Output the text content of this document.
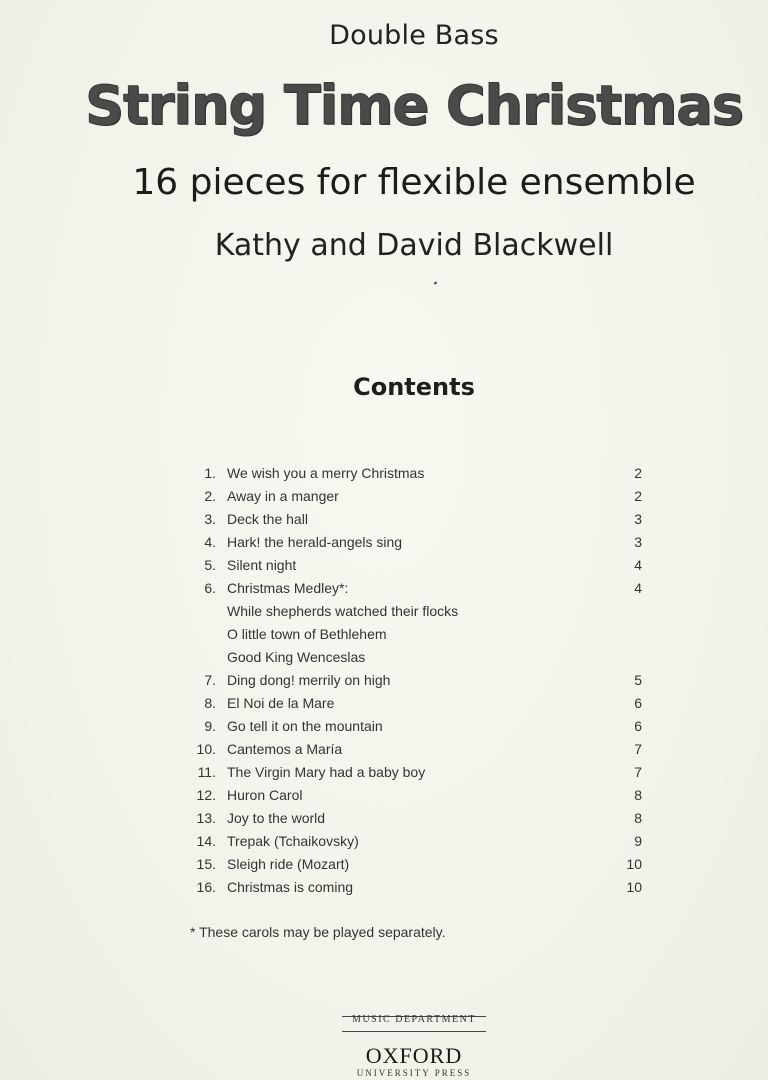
Double Bass
String Time Christmas
16 pieces for flexible ensemble
Kathy and David Blackwell
Contents
1. We wish you a merry Christmas	2
2. Away in a manger	2
3. Deck the hall	3
4. Hark! the herald-angels sing	3
5. Silent night	4
6. Christmas Medley*:	4
While shepherds watched their flocks
O little town of Bethlehem
Good King Wenceslas
7. Ding dong! merrily on high	5
8. El Noi de la Mare	6
9. Go tell it on the mountain	6
10. Cantemos a María	7
11. The Virgin Mary had a baby boy	7
12. Huron Carol	8
13. Joy to the world	8
14. Trepak (Tchaikovsky)	9
15. Sleigh ride (Mozart)	10
16. Christmas is coming	10
* These carols may be played separately.
MUSIC DEPARTMENT
OXFORD
UNIVERSITY PRESS
